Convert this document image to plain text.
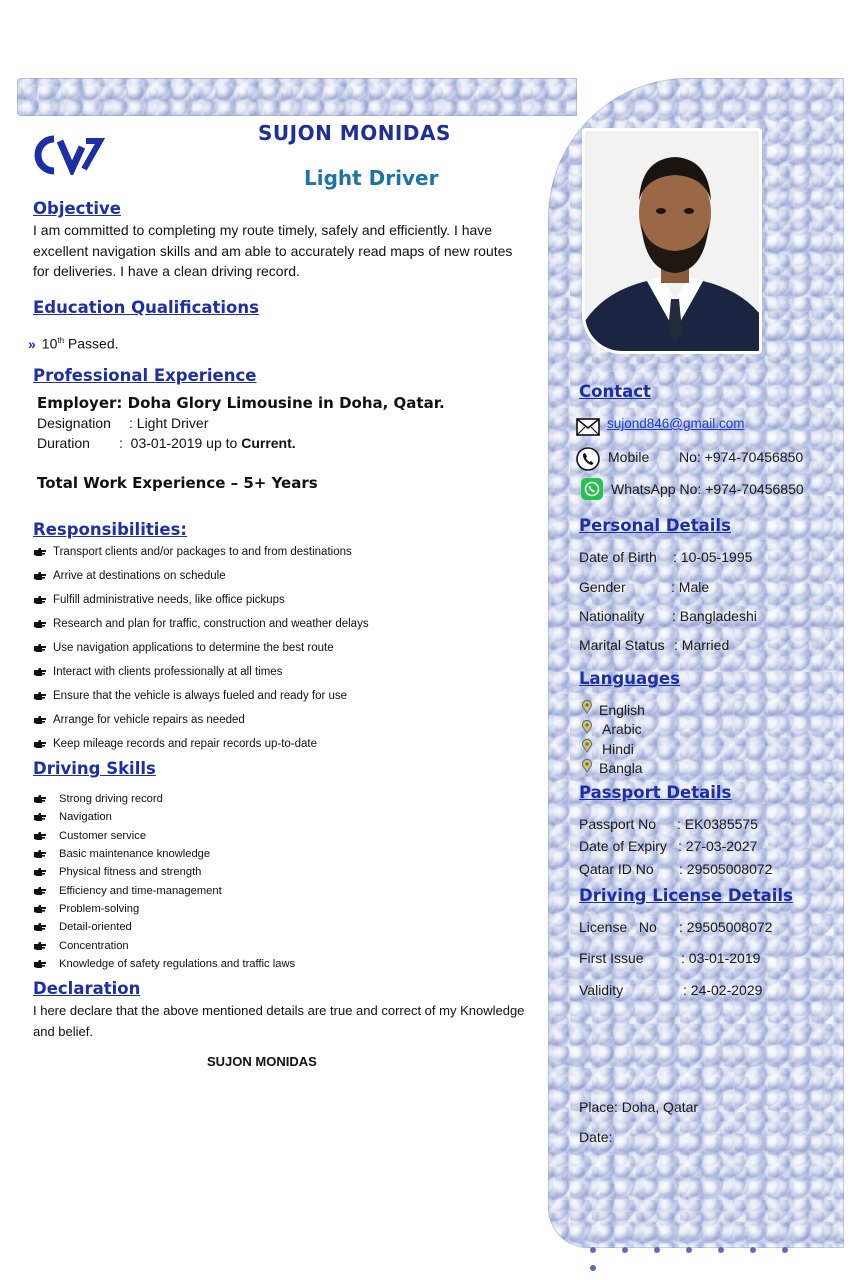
SUJON MONIDAS
Light Driver
Objective
I am committed to completing my route timely, safely and efficiently. I have
excellent navigation skills and am able to accurately read maps of new routes
for deliveries. I have a clean driving record.
Education Qualifications
» 10th Passed.
Professional Experience
Employer: Doha Glory Limousine in Doha, Qatar.
Designation : Light Driver
Duration :  03-01-2019 up to Current.
Total Work Experience – 5+ Years
Responsibilities:
Transport clients and/or packages to and from destinations
Arrive at destinations on schedule
Fulfill administrative needs, like office pickups
Research and plan for traffic, construction and weather delays
Use navigation applications to determine the best route
Interact with clients professionally at all times
Ensure that the vehicle is always fueled and ready for use
Arrange for vehicle repairs as needed
Keep mileage records and repair records up-to-date
Driving Skills
Strong driving record
Navigation
Customer service
Basic maintenance knowledge
Physical fitness and strength
Efficiency and time-management
Problem-solving
Detail-oriented
Concentration
Knowledge of safety regulations and traffic laws
Declaration
I here declare that the above mentioned details are true and correct of my Knowledge
and belief.
SUJON MONIDAS
Contact
sujond846@gmail.com
Mobile No: +974-70456850
WhatsApp No: +974-70456850
Personal Details
Date of Birth : 10-05-1995
Gender	: Male
Nationality : Bangladeshi
Marital Status : Married
Languages
English
Arabic
Hindi
Bangla
Passport Details
Passport No : EK0385575
Date of Expiry : 27-03-2027
Qatar ID No : 29505008072
Driving License Details
License   No : 29505008072
First Issue	: 03-01-2019
Validity	: 24-02-2029
Place: Doha, Qatar
Date:
